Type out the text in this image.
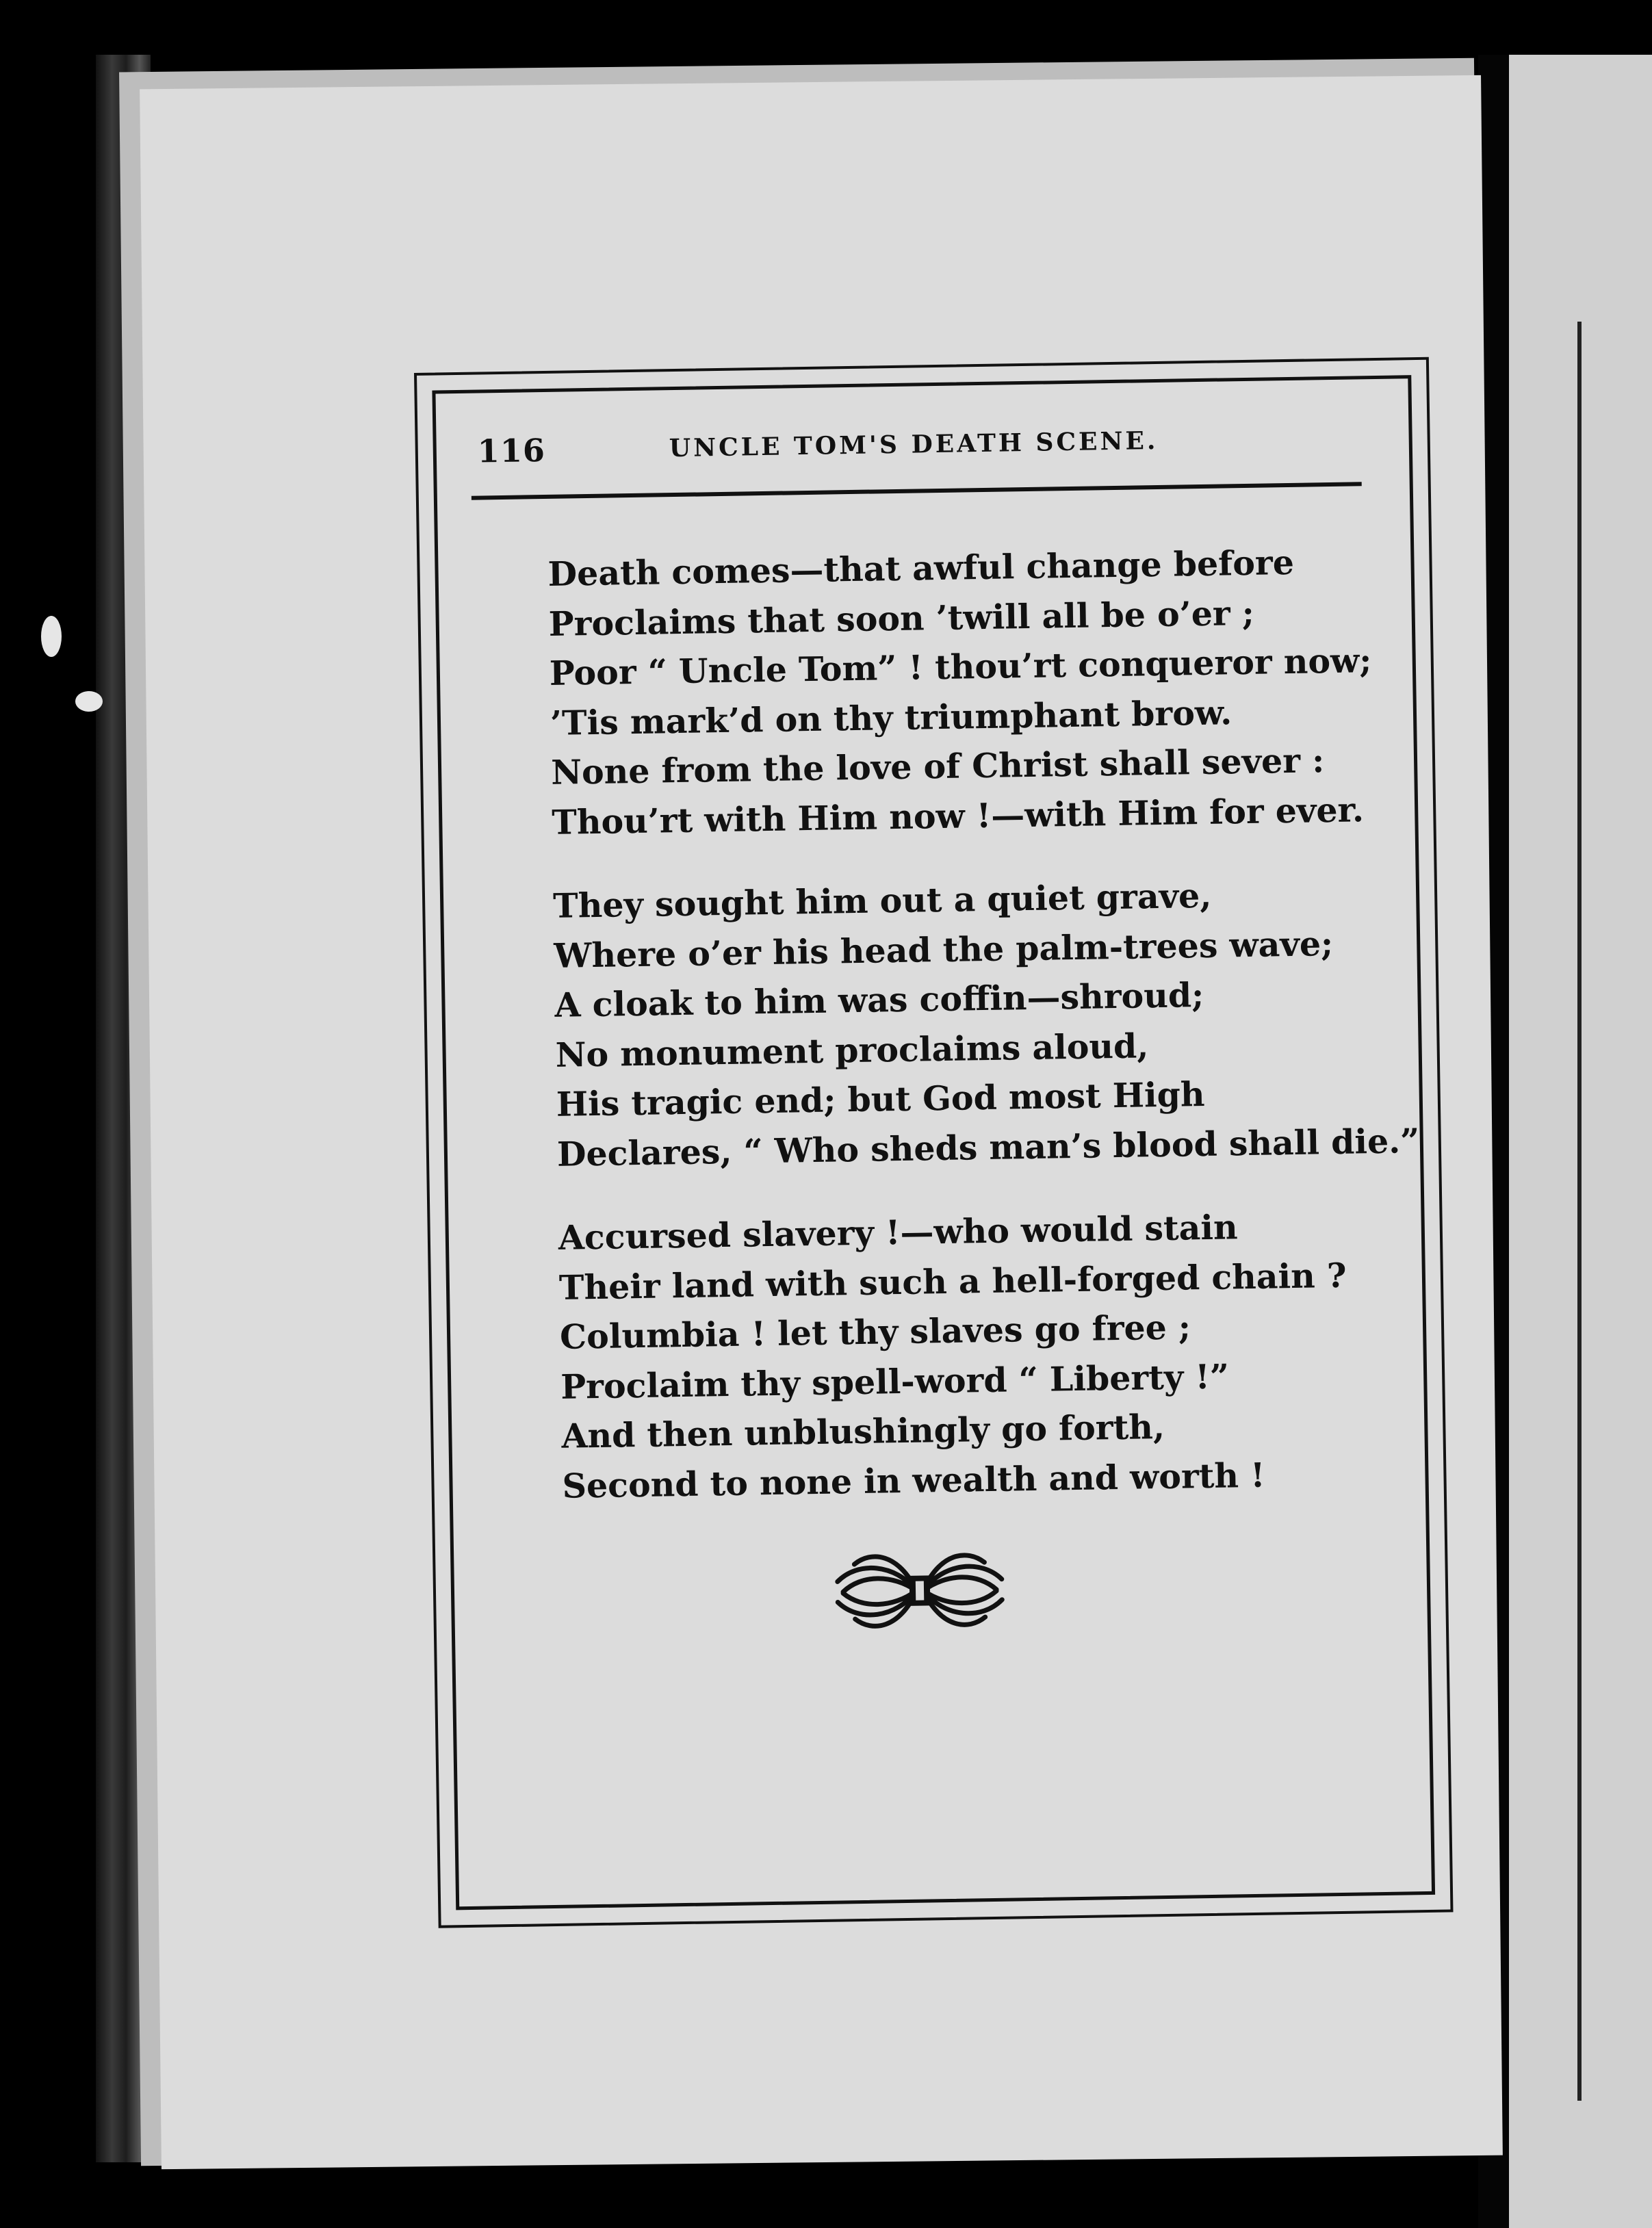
116	UNCLE TOM'S DEATH SCENE.
Death comes—that awful change before
Proclaims that soon ’twill all be o’er ;
Poor “ Uncle Tom” ! thou’rt conqueror now;
’Tis mark’d on thy triumphant brow.
None from the love of Christ shall sever :
Thou’rt with Him now !—with Him for ever.
They sought him out a quiet grave,
Where o’er his head the palm-trees wave;
A cloak to him was coffin—shroud;
No monument proclaims aloud,
His tragic end; but God most High
Declares, “ Who sheds man’s blood shall die.”
Accursed slavery !—who would stain
Their land with such a hell-forged chain ?
Columbia ! let thy slaves go free ;
Proclaim thy spell-word “ Liberty !”
And then unblushingly go forth,
Second to none in wealth and worth !
